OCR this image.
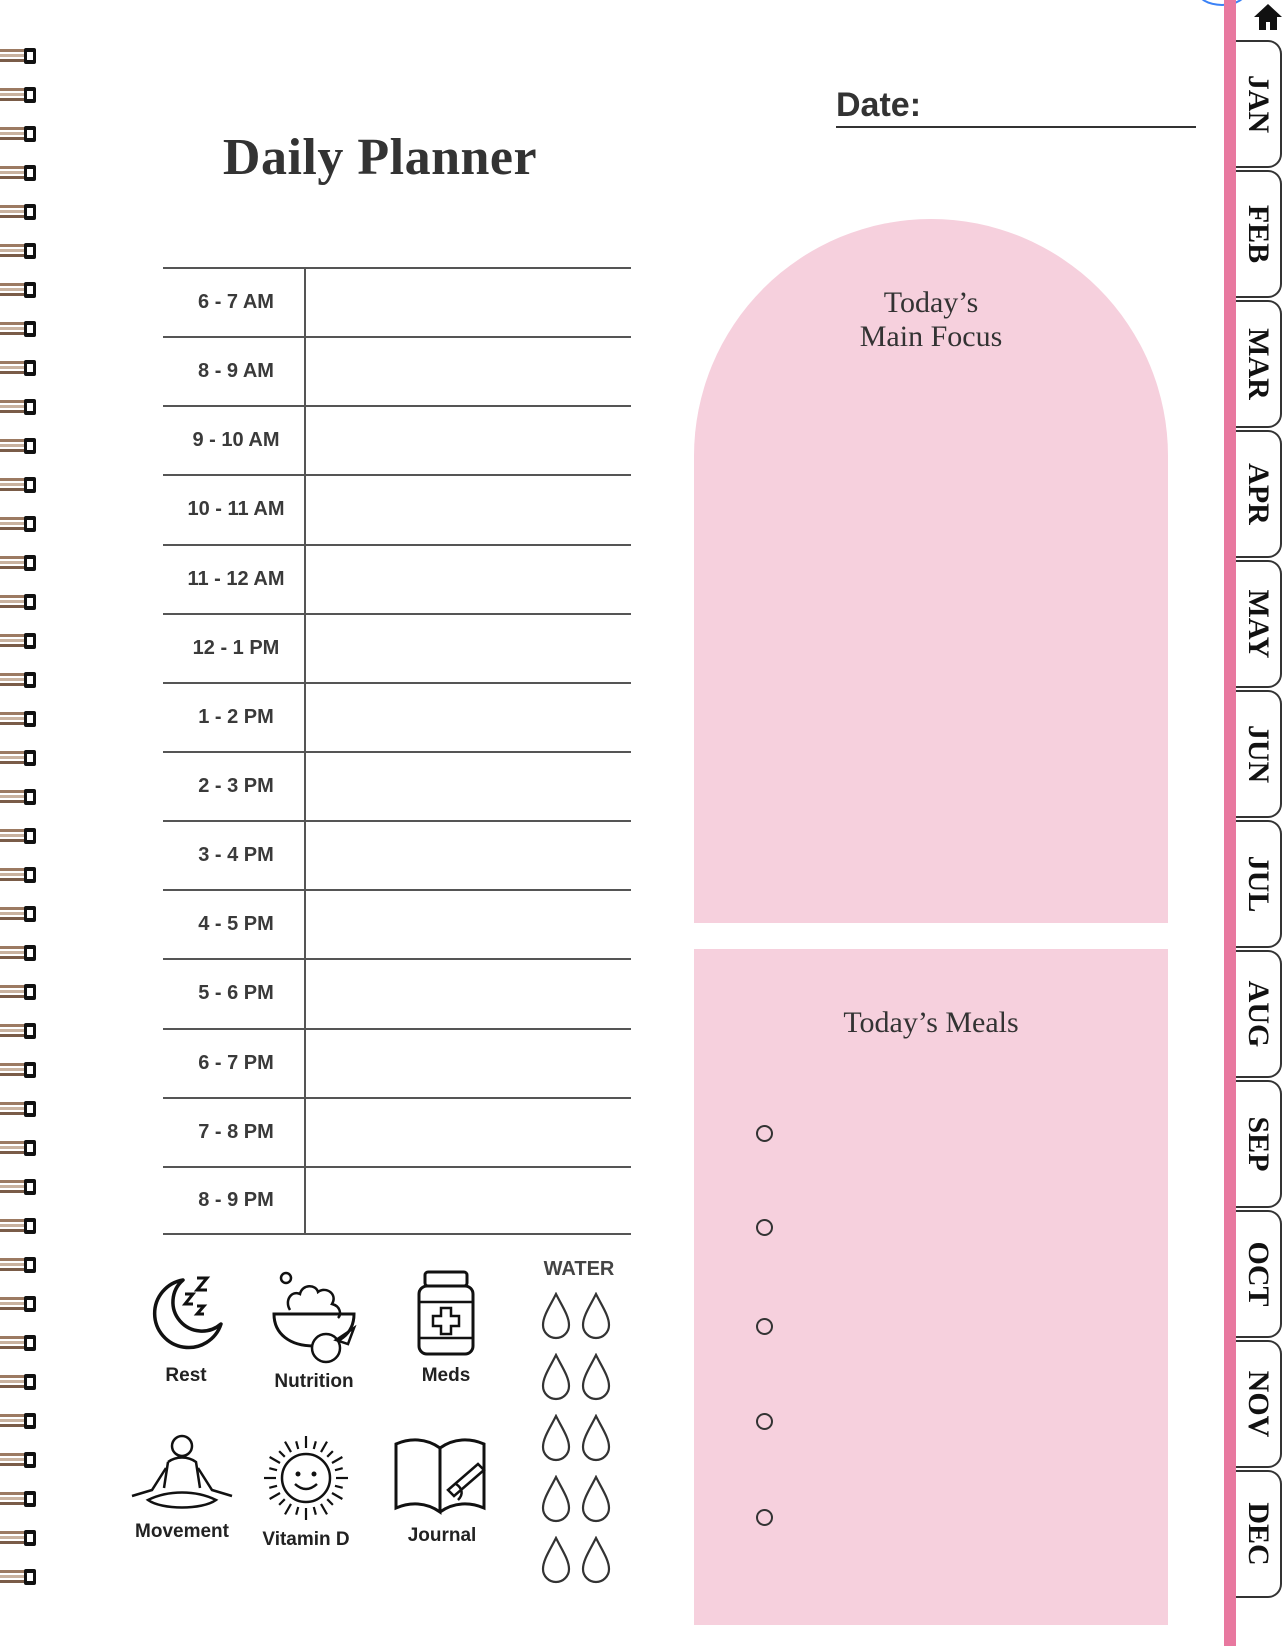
Daily Planner
Date:
6 - 7 AM
8 - 9 AM
9 - 10 AM
10 - 11 AM
11 - 12 AM
12 - 1 PM
1 - 2 PM
2 - 3 PM
3 - 4 PM
4 - 5 PM
5 - 6 PM
6 - 7 PM
7 - 8 PM
8 - 9 PM
Rest	Nutrition	Meds
Movement	Vitamin D	Journal
WATER
Today’s
Main Focus
Today’s Meals
JAN
FEB
MAR
APR
MAY
JUN
JUL
AUG
SEP
OCT
NOV
DEC
